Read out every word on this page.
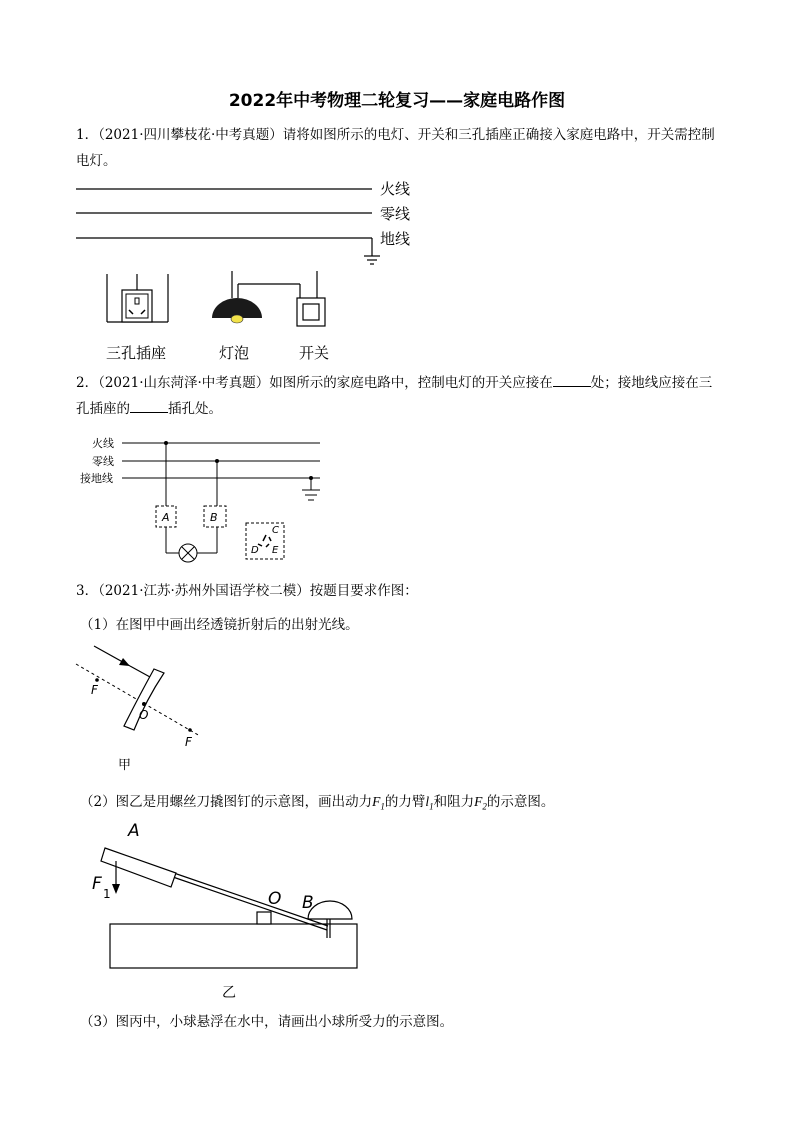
2022年中考物理二轮复习——家庭电路作图
1．（2021·四川攀枝花·中考真题）请将如图所示的电灯、开关和三孔插座正确接入家庭电路中，开关需控制电灯。
火线
零线
地线
三孔插座	灯泡	开关
2．（2021·山东菏泽·中考真题）如图所示的家庭电路中，控制电灯的开关应接在	处；接地线应接在三孔插座的	插孔处。
火线
零线
接地线
A	B
C
D E
3．（2021·江苏·苏州外国语学校二模）按题目要求作图：
（1）在图甲中画出经透镜折射后的出射光线。
F
O
F
甲
（2）图乙是用螺丝刀撬图钉的示意图，画出动力$F_1$的力臂$l_1$和阻力$F_2$的示意图。
A
F 1	O B
乙
（3）图丙中，小球悬浮在水中，请画出小球所受力的示意图。
